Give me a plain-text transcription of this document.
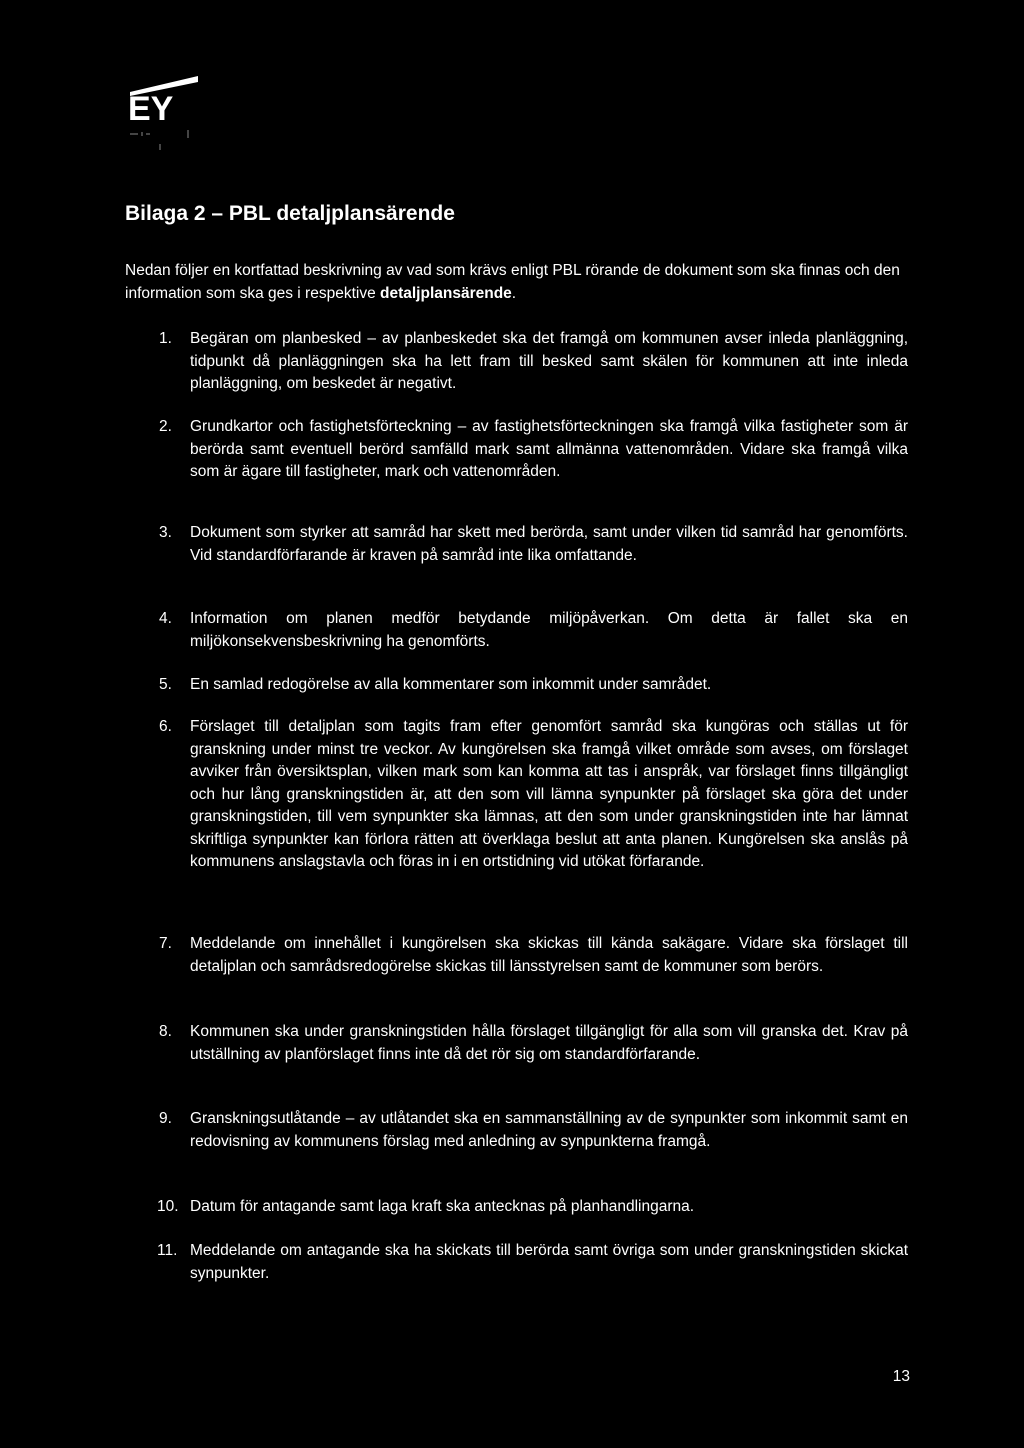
EY
Bilaga 2 – PBL detaljplansärende

Nedan följer en kortfattad beskrivning av vad som krävs enligt PBL rörande de dokument som ska finnas och den information som ska ges i respektive detaljplansärende.

1.	Begäran om planbesked – av planbeskedet ska det framgå om kommunen avser inleda planläggning, tidpunkt då planläggningen ska ha lett fram till besked samt skälen för kommunen att inte inleda planläggning, om beskedet är negativt.
2.	Grundkartor och fastighetsförteckning – av fastighetsförteckningen ska framgå vilka fastigheter som är berörda samt eventuell berörd samfälld mark samt allmänna vattenområden. Vidare ska framgå vilka som är ägare till fastigheter, mark och vattenområden.
3.	Dokument som styrker att samråd har skett med berörda, samt under vilken tid samråd har genomförts. Vid standardförfarande är kraven på samråd inte lika omfattande.
4.	Information om planen medför betydande miljöpåverkan. Om detta är fallet ska en miljökonsekvensbeskrivning ha genomförts.
5.	En samlad redogörelse av alla kommentarer som inkommit under samrådet.
6.	Förslaget till detaljplan som tagits fram efter genomfört samråd ska kungöras och ställas ut för granskning under minst tre veckor. Av kungörelsen ska framgå vilket område som avses, om förslaget avviker från översiktsplan, vilken mark som kan komma att tas i anspråk, var förslaget finns tillgängligt och hur lång granskningstiden är, att den som vill lämna synpunkter på förslaget ska göra det under granskningstiden, till vem synpunkter ska lämnas, att den som under granskningstiden inte har lämnat skriftliga synpunkter kan förlora rätten att överklaga beslut att anta planen. Kungörelsen ska anslås på kommunens anslagstavla och föras in i en ortstidning vid utökat förfarande.
7.	Meddelande om innehållet i kungörelsen ska skickas till kända sakägare. Vidare ska förslaget till detaljplan och samrådsredogörelse skickas till länsstyrelsen samt de kommuner som berörs.
8.	Kommunen ska under granskningstiden hålla förslaget tillgängligt för alla som vill granska det. Krav på utställning av planförslaget finns inte då det rör sig om standardförfarande.
9.	Granskningsutlåtande – av utlåtandet ska en sammanställning av de synpunkter som inkommit samt en redovisning av kommunens förslag med anledning av synpunkterna framgå.
10. Datum för antagande samt laga kraft ska antecknas på planhandlingarna.
11. Meddelande om antagande ska ha skickats till berörda samt övriga som under granskningstiden skickat synpunkter.
13
